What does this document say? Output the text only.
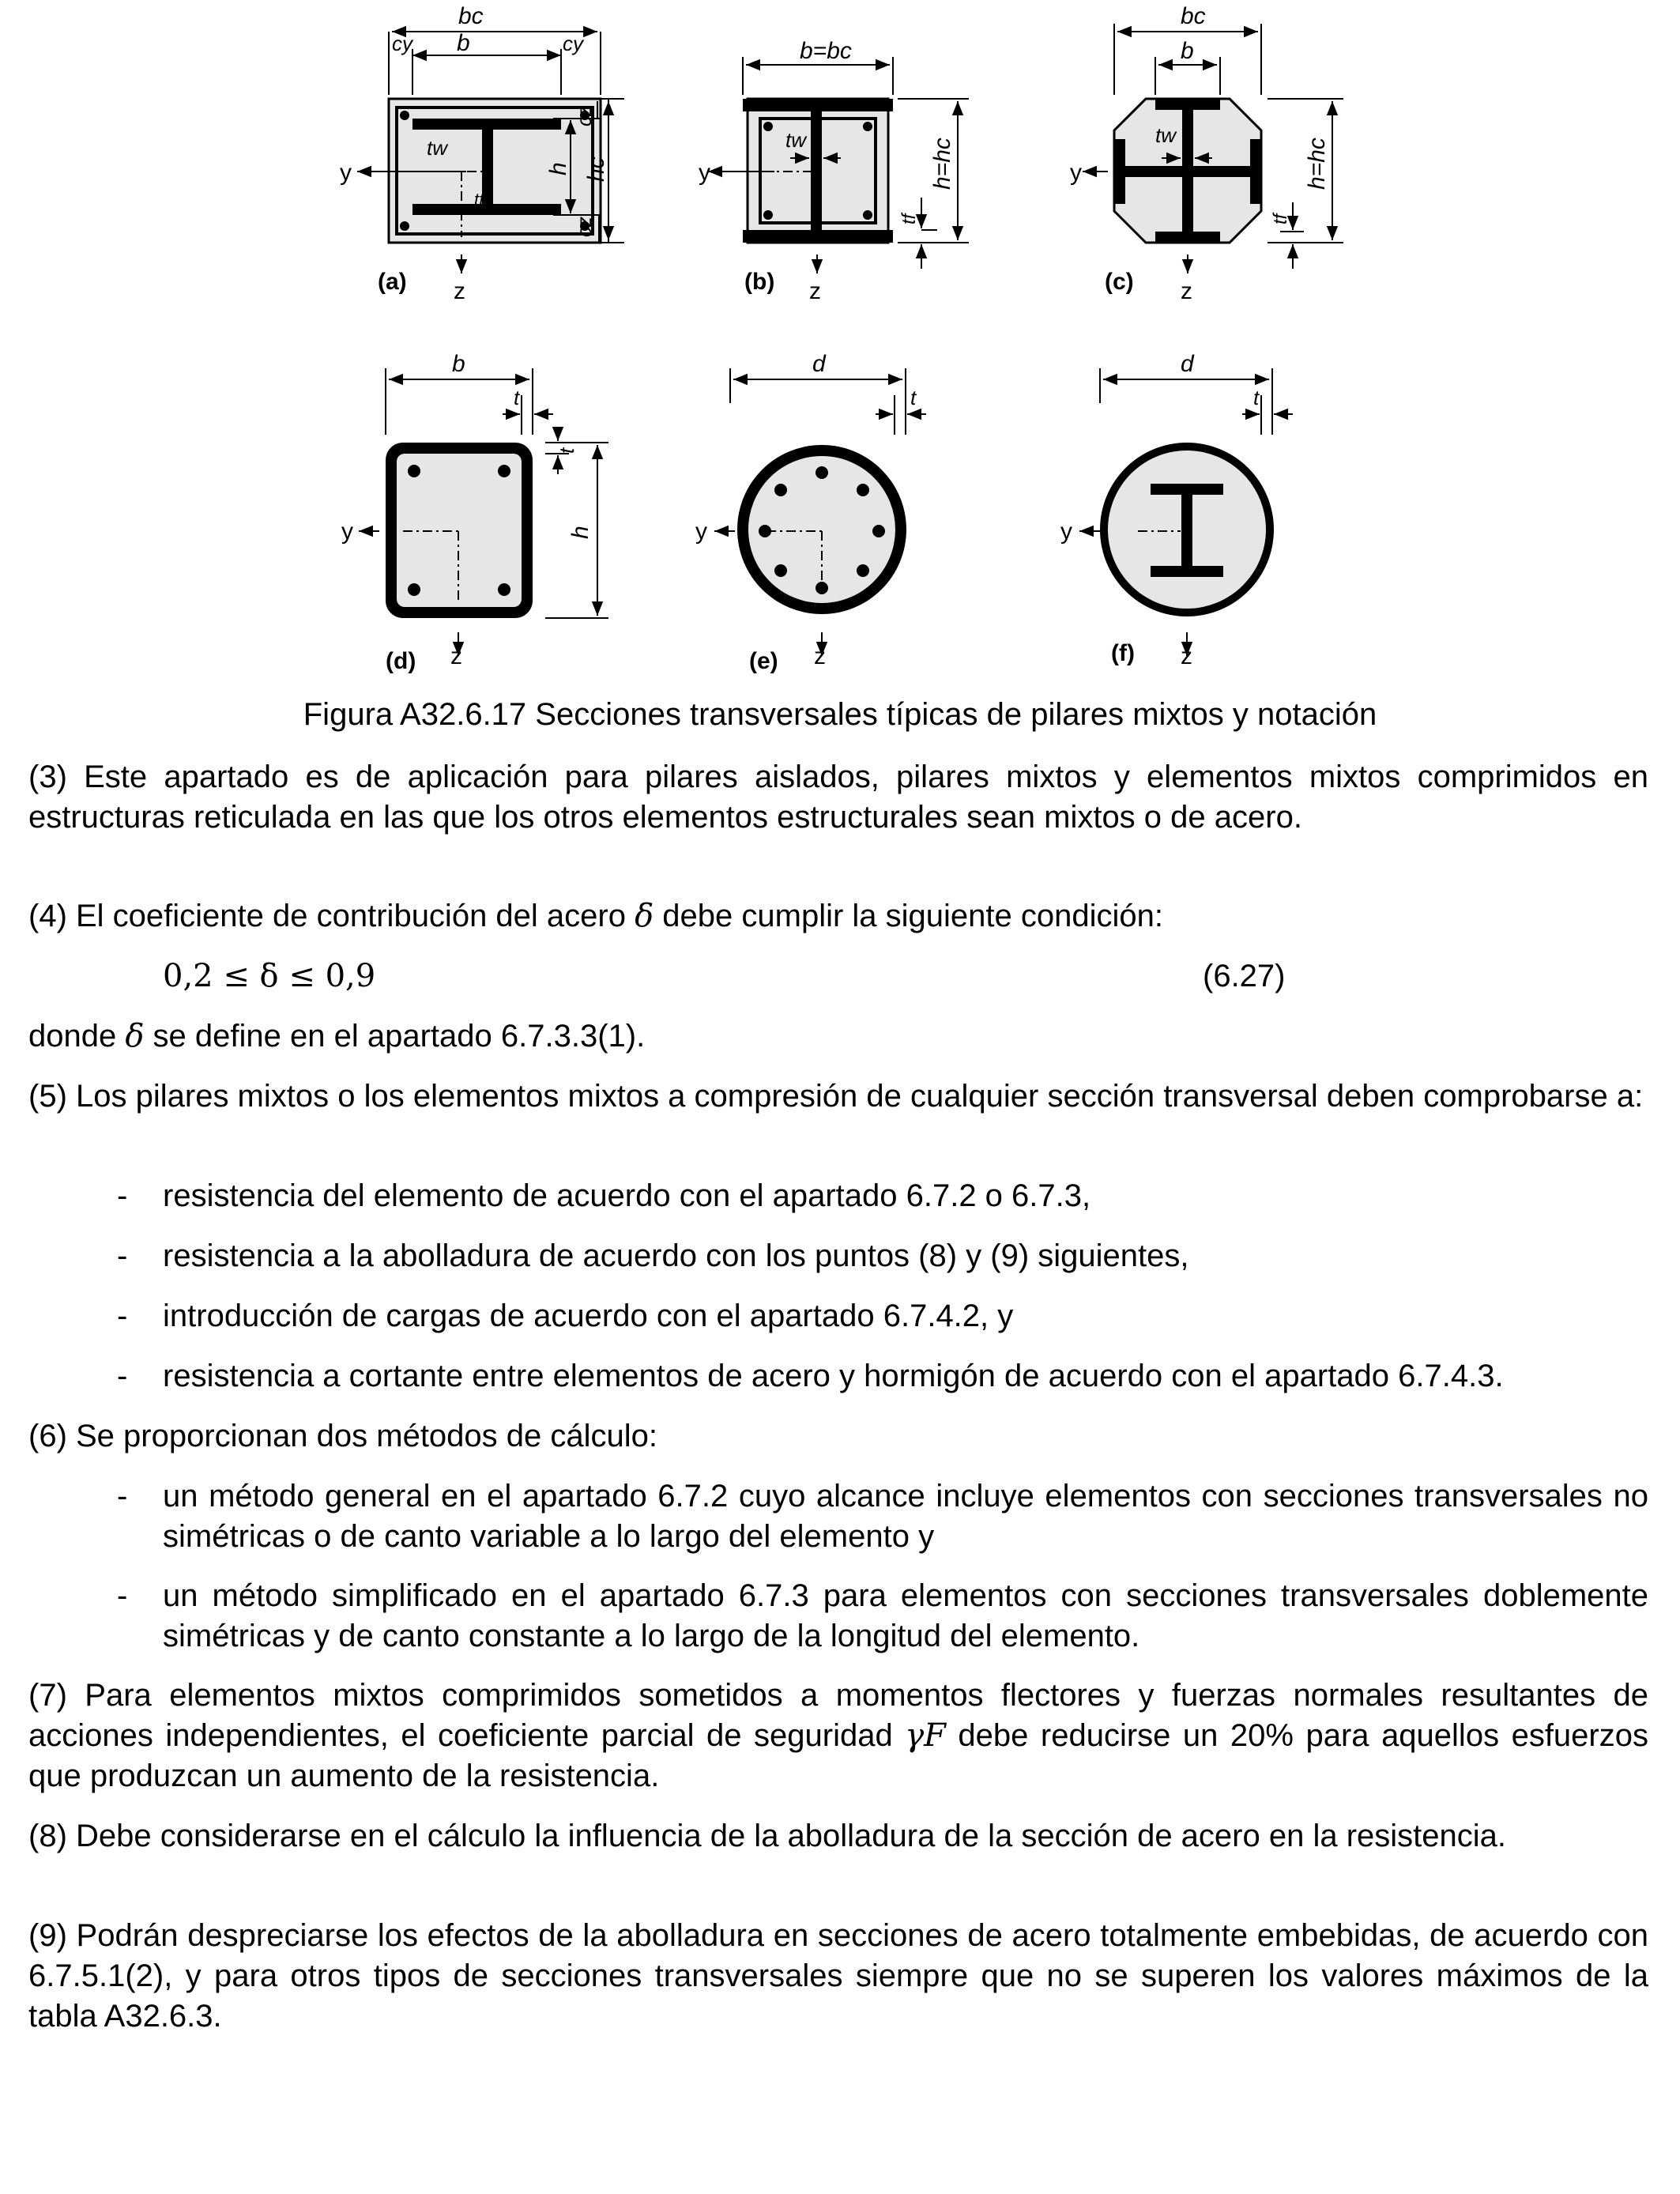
bc
b
cy	cy
cz
cz
h hc
tw
tf
y
z
(a)
b=bc
h=hc
tw
tf
y
z
(b)
bc
b
h=hc
tw
tf
y
z
(c)
b
t
t
h
y
z
(d)
d
t
y
z
(e)
d
t
y
z
(f)
Figura A32.6.17 Secciones transversales típicas de pilares mixtos y notación

(3) Este apartado es de aplicación para pilares aislados, pilares mixtos y elementos mixtos comprimidos en estructuras reticulada en las que los otros elementos estructurales sean mixtos o de acero.

(4) El coeficiente de contribución del acero δ debe cumplir la siguiente condición:

0,2 ≤ δ ≤ 0,9	(6.27)

donde δ se define en el apartado 6.7.3.3(1).

(5) Los pilares mixtos o los elementos mixtos a compresión de cualquier sección transversal deben comprobarse a:

- resistencia del elemento de acuerdo con el apartado 6.7.2 o 6.7.3,
- resistencia a la abolladura de acuerdo con los puntos (8) y (9) siguientes,
- introducción de cargas de acuerdo con el apartado 6.7.4.2, y
- resistencia a cortante entre elementos de acero y hormigón de acuerdo con el apartado 6.7.4.3.

(6) Se proporcionan dos métodos de cálculo:

- un método general en el apartado 6.7.2 cuyo alcance incluye elementos con secciones transversales no simétricas o de canto variable a lo largo del elemento y
- un método simplificado en el apartado 6.7.3 para elementos con secciones transversales doblemente simétricas y de canto constante a lo largo de la longitud del elemento.

(7) Para elementos mixtos comprimidos sometidos a momentos flectores y fuerzas normales resultantes de acciones independientes, el coeficiente parcial de seguridad γF debe reducirse un 20% para aquellos esfuerzos que produzcan un aumento de la resistencia.

(8) Debe considerarse en el cálculo la influencia de la abolladura de la sección de acero en la resistencia.

(9) Podrán despreciarse los efectos de la abolladura en secciones de acero totalmente embebidas, de acuerdo con 6.7.5.1(2), y para otros tipos de secciones transversales siempre que no se superen los valores máximos de la tabla A32.6.3.
